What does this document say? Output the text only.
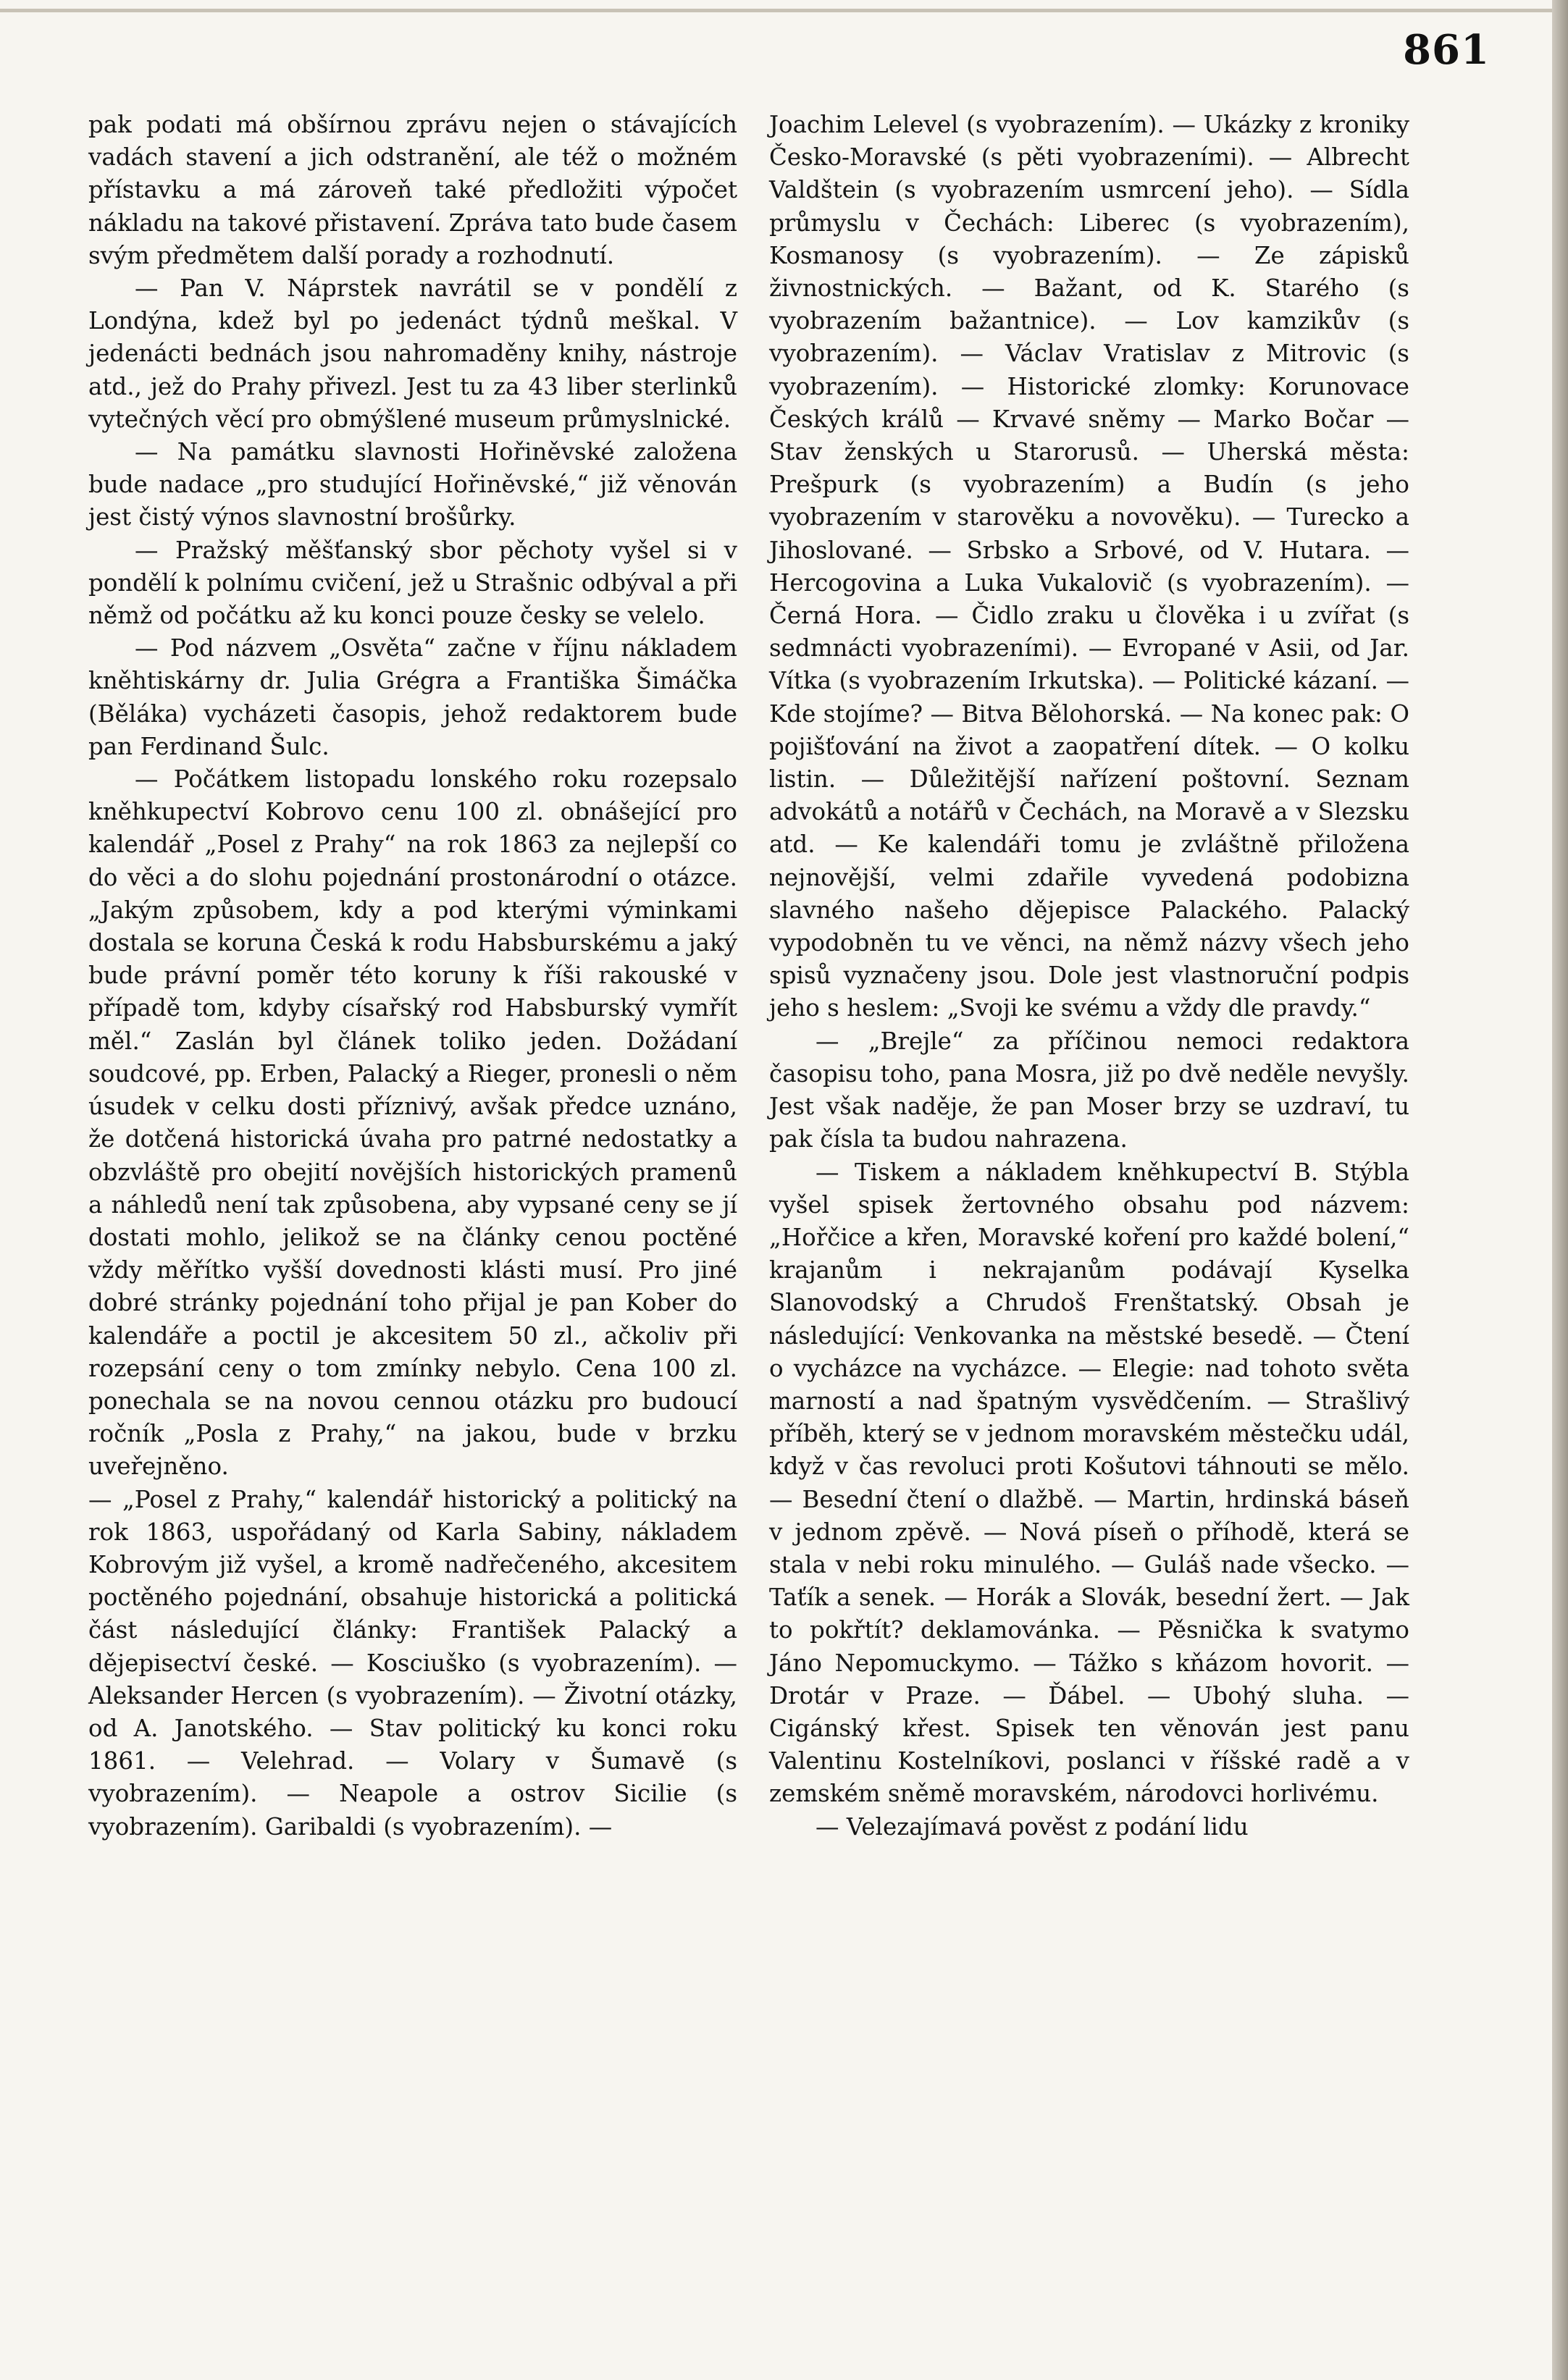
861

pak podati má obšírnou zprávu nejen o stávajících vadách stavení a jich odstranění, ale též o možném přístavku a má zároveň také předložiti výpočet nákladu na takové přistavení. Zpráva tato bude časem svým předmětem další porady a rozhodnutí.

— Pan V. Náprstek navrátil se v pondělí z Londýna, kdež byl po jedenáct týdnů meškal. V jedenácti bednách jsou nahromaděny knihy, nástroje atd., jež do Prahy přivezl. Jest tu za 43 liber sterlinků vytečných věcí pro obmýšlené museum průmyslnické.

— Na památku slavnosti Hořiněvské založena bude nadace „pro studující Hořiněvské,“ již věnován jest čistý výnos slavnostní brošůrky.

— Pražský měšťanský sbor pěchoty vyšel si v pondělí k polnímu cvičení, jež u Strašnic odbýval a při němž od počátku až ku konci pouze česky se velelo.

— Pod názvem „Osvěta“ začne v říjnu nákladem kněhtiskárny dr. Julia Grégra a Františka Šimáčka (Běláka) vycházeti časopis, jehož redaktorem bude pan Ferdinand Šulc.

— Počátkem listopadu lonského roku rozepsalo kněhkupectví Kobrovo cenu 100 zl. obnášející pro kalendář „Posel z Prahy“ na rok 1863 za nejlepší co do věci a do slohu pojednání prostonárodní o otázce. „Jakým způsobem, kdy a pod kterými výminkami dostala se koruna Česká k rodu Habsburskému a jaký bude právní poměr této koruny k říši rakouské v případě tom, kdyby císařský rod Habsburský vymřít měl.“ Zaslán byl článek toliko jeden. Dožádaní soudcové, pp. Erben, Palacký a Rieger, pronesli o něm úsudek v celku dosti příznivý, avšak předce uznáno, že dotčená historická úvaha pro patrné nedostatky a obzvláště pro obejití novějších historických pramenů a náhledů není tak způsobena, aby vypsané ceny se jí dostati mohlo, jelikož se na články cenou poctěné vždy měřítko vyšší dovednosti klásti musí. Pro jiné dobré stránky pojednání toho přijal je pan Kober do kalendáře a poctil je akcesitem 50 zl., ačkoliv při rozepsání ceny o tom zmínky nebylo. Cena 100 zl. ponechala se na novou cennou otázku pro budoucí ročník „Posla z Prahy,“ na jakou, bude v brzku uveřejněno.

— „Posel z Prahy,“ kalendář historický a politický na rok 1863, uspořádaný od Karla Sabiny, nákladem Kobrovým již vyšel, a kromě nadřečeného, akcesitem poctěného pojednání, obsahuje historická a politická část následující články: František Palacký a dějepisectví české. — Kosciuško (s vyobrazením). — Aleksander Hercen (s vyobrazením). — Životní otázky, od A. Janotského. — Stav politický ku konci roku 1861. — Velehrad. — Volary v Šumavě (s vyobrazením). — Neapole a ostrov Sicilie (s vyobrazením). Garibaldi (s vyobrazením). —

Joachim Lelevel (s vyobrazením). — Ukázky z kroniky Česko-Moravské (s pěti vyobrazeními). — Albrecht Valdštein (s vyobrazením usmrcení jeho). — Sídla průmyslu v Čechách: Liberec (s vyobrazením), Kosmanosy (s vyobrazením). — Ze zápisků živnostnických. — Bažant, od K. Starého (s vyobrazením bažantnice). — Lov kamzikův (s vyobrazením). — Václav Vratislav z Mitrovic (s vyobrazením). — Historické zlomky: Korunovace Českých králů — Krvavé sněmy — Marko Bočar — Stav ženských u Starorusů. — Uherská města: Prešpurk (s vyobrazením) a Budín (s jeho vyobrazením v starověku a novověku). — Turecko a Jihoslované. — Srbsko a Srbové, od V. Hutara. — Hercogovina a Luka Vukalovič (s vyobrazením). — Černá Hora. — Čidlo zraku u člověka i u zvířat (s sedmnácti vyobrazeními). — Evropané v Asii, od Jar. Vítka (s vyobrazením Irkutska). — Politické kázaní. — Kde stojíme? — Bitva Bělohorská. — Na konec pak: O pojišťování na život a zaopatření dítek. — O kolku listin. — Důležitější nařízení poštovní. Seznam advokátů a notářů v Čechách, na Moravě a v Slezsku atd. — Ke kalendáři tomu je zvláštně přiložena nejnovější, velmi zdařile vyvedená podobizna slavného našeho dějepisce Palackého. Palacký vypodobněn tu ve věnci, na němž názvy všech jeho spisů vyznačeny jsou. Dole jest vlastnoruční podpis jeho s heslem: „Svoji ke svému a vždy dle pravdy.“

— „Brejle“ za příčinou nemoci redaktora časopisu toho, pana Mosra, již po dvě neděle nevyšly. Jest však naděje, že pan Moser brzy se uzdraví, tu pak čísla ta budou nahrazena.

— Tiskem a nákladem kněhkupectví B. Stýbla vyšel spisek žertovného obsahu pod názvem: „Hořčice a křen, Moravské koření pro každé bolení,“ krajanům i nekrajanům podávají Kyselka Slanovodský a Chrudoš Frenštatský. Obsah je následující: Venkovanka na městské besedě. — Čtení o vycházce na vycházce. — Elegie: nad tohoto světa marností a nad špatným vysvědčením. — Strašlivý příběh, který se v jednom moravském městečku udál, když v čas revoluci proti Košutovi táhnouti se mělo. — Besední čtení o dlažbě. — Martin, hrdinská báseň v jednom zpěvě. — Nová píseň o příhodě, která se stala v nebi roku minulého. — Guláš nade všecko. — Taťík a senek. — Horák a Slovák, besední žert. — Jak to pokřtít? deklamovánka. — Pěsnička k svatymo Jáno Nepomuckymo. — Tážko s kňázom hovorit. — Drotár v Praze. — Ďábel. — Ubohý sluha. — Cigánský křest. Spisek ten věnován jest panu Valentinu Kostelníkovi, poslanci v říšské radě a v zemském sněmě moravském, národovci horlivému.

— Velezajímavá pověst z podání lidu
